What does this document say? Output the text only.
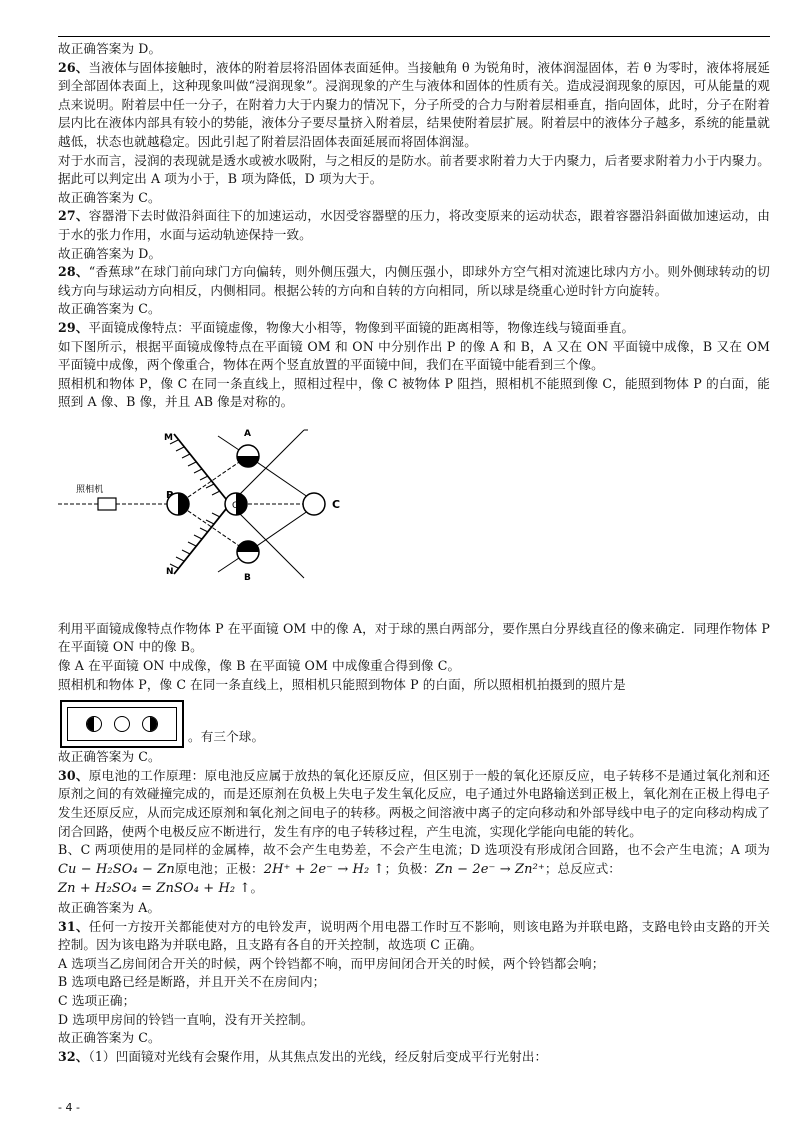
故正确答案为 D。

26、当液体与固体接触时，液体的附着层将沿固体表面延伸。当接触角 θ 为锐角时，液体润湿固体，若 θ 为零时，液体将展延到全部固体表面上，这种现象叫做“浸润现象”。浸润现象的产生与液体和固体的性质有关。造成浸润现象的原因，可从能量的观点来说明。附着层中任一分子，在附着力大于内聚力的情况下，分子所受的合力与附着层相垂直，指向固体，此时，分子在附着层内比在液体内部具有较小的势能，液体分子要尽量挤入附着层，结果使附着层扩展。附着层中的液体分子越多，系统的能量就越低，状态也就越稳定。因此引起了附着层沿固体表面延展而将固体润湿。

对于水而言，浸润的表现就是透水或被水吸附，与之相反的是防水。前者要求附着力大于内聚力，后者要求附着力小于内聚力。据此可以判定出 A 项为小于，B 项为降低，D 项为大于。

故正确答案为 C。

27、容器滑下去时做沿斜面往下的加速运动，水因受容器壁的压力，将改变原来的运动状态，跟着容器沿斜面做加速运动，由于水的张力作用，水面与运动轨迹保持一致。

故正确答案为 D。

28、“香蕉球”在球门前向球门方向偏转，则外侧压强大，内侧压强小，即球外方空气相对流速比球内方小。则外侧球转动的切线方向与球运动方向相反，内侧相同。根据公转的方向和自转的方向相同，所以球是绕重心逆时针方向旋转。

故正确答案为 C。

29、平面镜成像特点：平面镜虚像，物像大小相等，物像到平面镜的距离相等，物像连线与镜面垂直。

如下图所示，根据平面镜成像特点在平面镜 OM 和 ON 中分别作出 P 的像 A 和 B，A 又在 ON 平面镜中成像，B 又在 OM 平面镜中成像，两个像重合，物体在两个竖直放置的平面镜中间，我们在平面镜中能看到三个像。

照相机和物体 P，像 C 在同一条直线上，照相过程中，像 C 被物体 P 阻挡，照相机不能照到像 C，能照到物体 P 的白面，能照到 A 像、B 像，并且 AB 像是对称的。

照相机
M
N
P
O
A
B
C

利用平面镜成像特点作物体 P 在平面镜 OM 中的像 A，对于球的黑白两部分，要作黑白分界线直径的像来确定．同理作物体 P 在平面镜 ON 中的像 B。

像 A 在平面镜 ON 中成像，像 B 在平面镜 OM 中成像重合得到像 C。

照相机和物体 P，像 C 在同一条直线上，照相机只能照到物体 P 的白面，所以照相机拍摄到的照片是

。有三个球。

故正确答案为 C。

30、原电池的工作原理：原电池反应属于放热的氧化还原反应，但区别于一般的氧化还原反应，电子转移不是通过氧化剂和还原剂之间的有效碰撞完成的，而是还原剂在负极上失电子发生氧化反应，电子通过外电路输送到正极上，氧化剂在正极上得电子发生还原反应，从而完成还原剂和氧化剂之间电子的转移。两极之间溶液中离子的定向移动和外部导线中电子的定向移动构成了闭合回路，使两个电极反应不断进行，发生有序的电子转移过程，产生电流，实现化学能向电能的转化。

B、C 两项使用的是同样的金属棒，故不会产生电势差，不会产生电流；D 选项没有形成闭合回路，也不会产生电流；A 项为Cu − H₂SO₄ − Zn原电池；正极：2H⁺ + 2e⁻ → H₂ ↑；负极：Zn − 2e⁻ → Zn²⁺；总反应式：

Zn + H₂SO₄ = ZnSO₄ + H₂ ↑。

故正确答案为 A。

31、任何一方按开关都能使对方的电铃发声，说明两个用电器工作时互不影响，则该电路为并联电路，支路电铃由支路的开关控制。因为该电路为并联电路，且支路有各自的开关控制，故选项 C 正确。

A 选项当乙房间闭合开关的时候，两个铃铛都不响，而甲房间闭合开关的时候，两个铃铛都会响；

B 选项电路已经是断路，并且开关不在房间内；

C 选项正确；

D 选项甲房间的铃铛一直响，没有开关控制。

故正确答案为 C。

32、（1）凹面镜对光线有会聚作用，从其焦点发出的光线，经反射后变成平行光射出：

- 4 -
